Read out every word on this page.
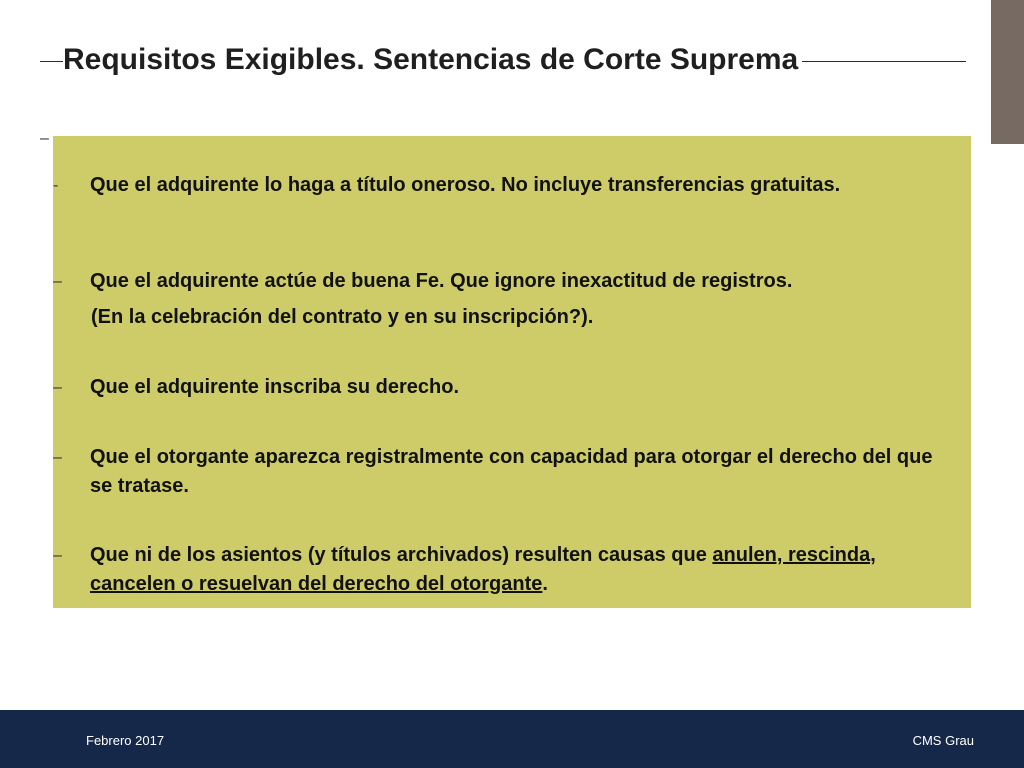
Requisitos Exigibles. Sentencias de Corte Suprema
–
-	Que el adquirente lo haga a título oneroso. No incluye transferencias gratuitas.
– Que el adquirente actúe de buena Fe. Que ignore inexactitud de registros.
(En la celebración del contrato y en su inscripción?).
– Que el adquirente inscriba su derecho.
– Que el otorgante aparezca registralmente con capacidad para otorgar el derecho del que se tratase.
– Que ni de los asientos (y títulos archivados) resulten causas que anulen, rescinda, cancelen o resuelvan del derecho del otorgante.
Febrero 2017	CMS Grau
